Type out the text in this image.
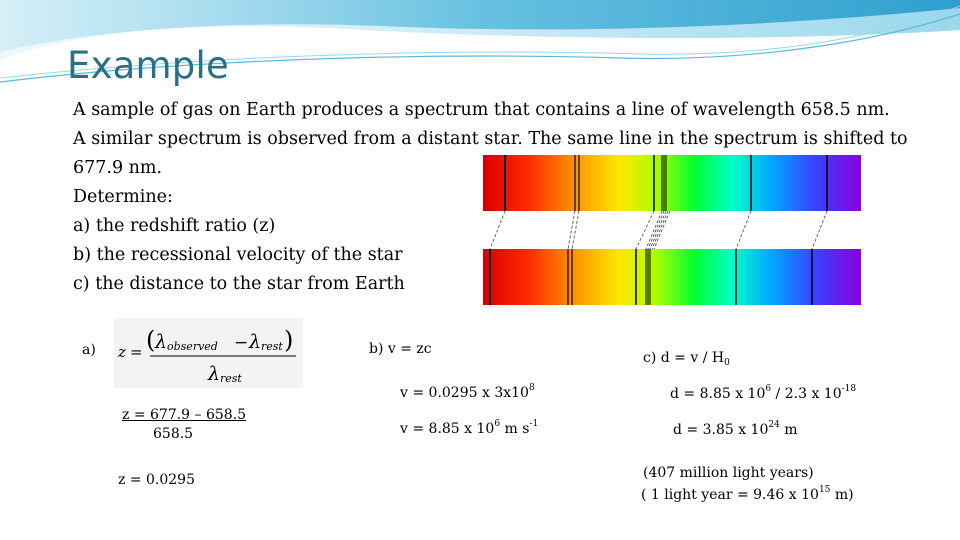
Example
A sample of gas on Earth produces a spectrum that contains a line of wavelength 658.5 nm.
A similar spectrum is observed from a distant star. The same line in the spectrum is shifted to
677.9 nm.
Determine:
a) the redshift ratio (z)
b) the recessional velocity of the star
c) the distance to the star from Earth
a) z = ( λ observed − λ rest )
λ rest
$\frac{z = 677.9 - 658.5}{658.5}$
z = 0.0295
b) v = zc
v = 0.0295 x $3x10^8$
v = 8.85 x $10^6$ m $s^{-1}$
c) $d = v / H_0$
d = 8.85 x $10^6 / 2.3$ x $10^{-18}$
d = 3.85 x $10^{24}$ m
(407 million light years)
( 1 light year = 9.46 x $10^{15}$ m)
